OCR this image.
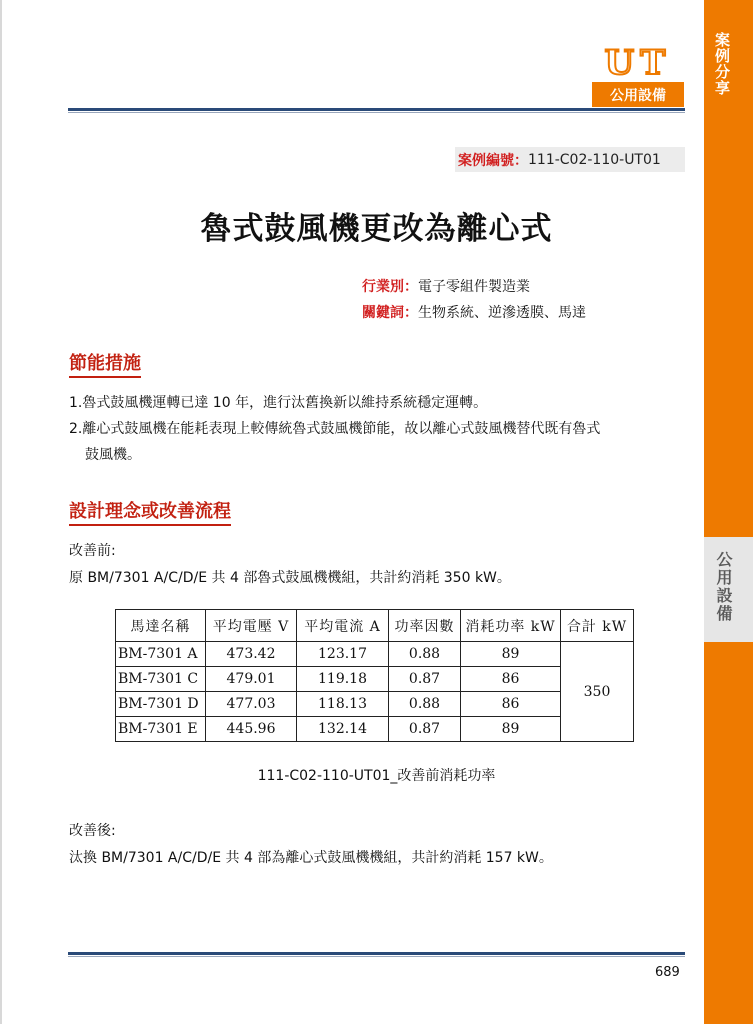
案例分享
公用設備
UT
公用設備
案例編號： 111-C02-110-UT01
魯式鼓風機更改為離心式
行業別：電子零組件製造業
關鍵詞：生物系統、逆滲透膜、馬達
節能措施
1.魯式鼓風機運轉已達 10 年，進行汰舊換新以維持系統穩定運轉。
2.離心式鼓風機在能耗表現上較傳統魯式鼓風機節能，故以離心式鼓風機替代既有魯式
鼓風機。
設計理念或改善流程
改善前:
原 BM/7301 A/C/D/E 共 4 部魯式鼓風機機組，共計約消耗 350 kW。
馬達名稱	平均電壓 V	平均電流 A	功率因數	消耗功率 kW	合計 kW
BM-7301 A	473.42	123.17	0.88	89	350
BM-7301 C	479.01	119.18	0.87	86	
BM-7301 D	477.03	118.13	0.88	86	
BM-7301 E	445.96	132.14	0.87	89	
111-C02-110-UT01_改善前消耗功率
改善後:
汰換 BM/7301 A/C/D/E 共 4 部為離心式鼓風機機組，共計約消耗 157 kW。
689
